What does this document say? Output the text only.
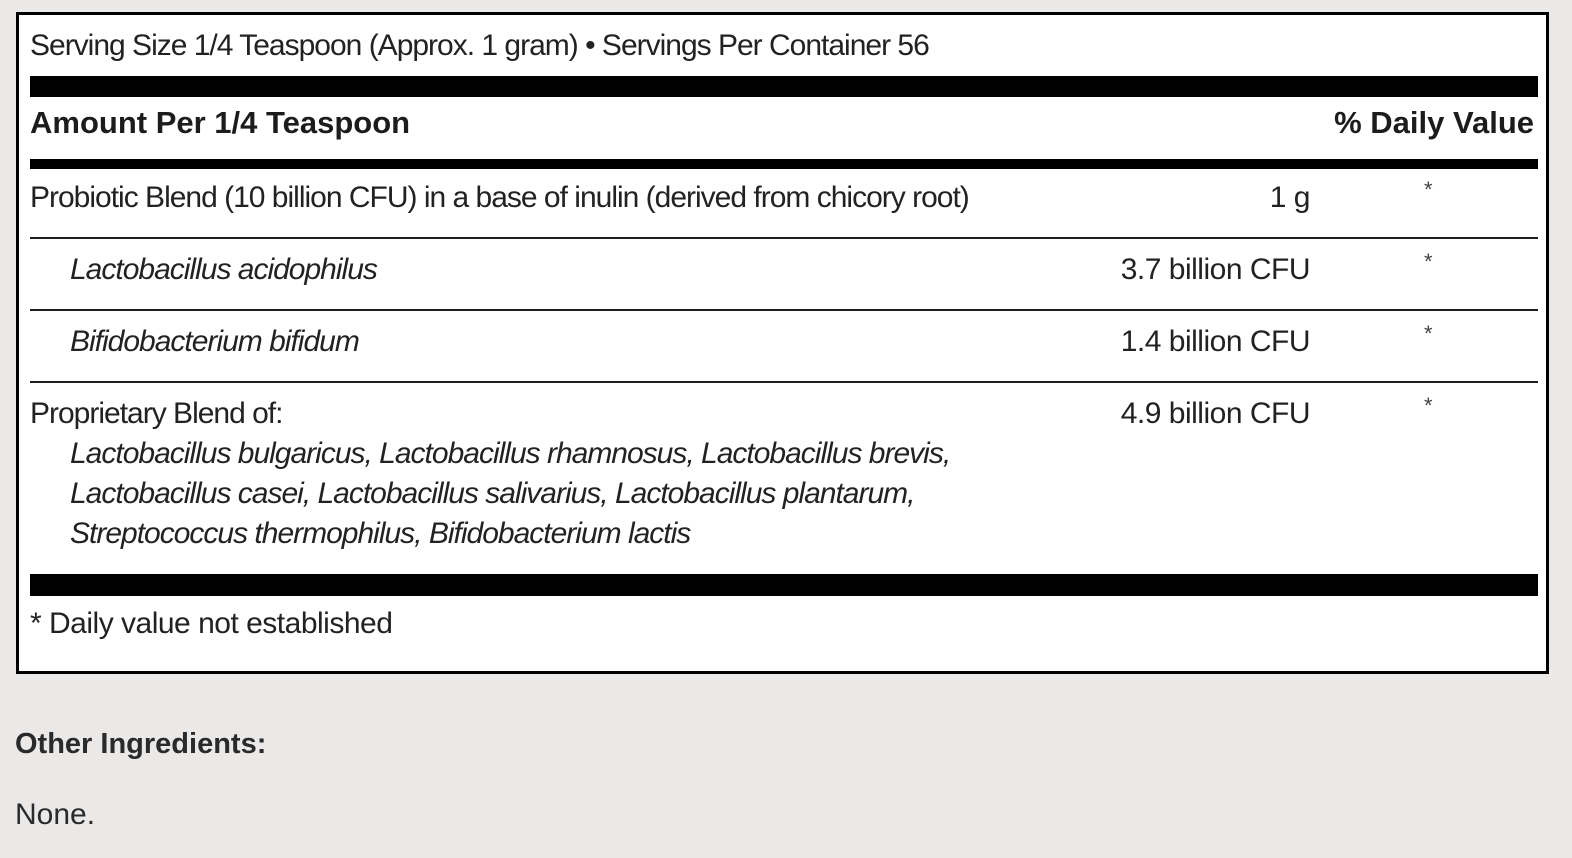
Serving Size 1/4 Teaspoon (Approx. 1 gram) • Servings Per Container 56
Amount Per 1/4 Teaspoon	% Daily Value
Probiotic Blend (10 billion CFU) in a base of inulin (derived from chicory root)	1 g	*
Lactobacillus acidophilus	3.7 billion CFU	*
Bifidobacterium bifidum	1.4 billion CFU	*
Proprietary Blend of:	4.9 billion CFU	*
Lactobacillus bulgaricus, Lactobacillus rhamnosus, Lactobacillus brevis,
Lactobacillus casei, Lactobacillus salivarius, Lactobacillus plantarum,
Streptococcus thermophilus, Bifidobacterium lactis
* Daily value not established
Other Ingredients:
None.
